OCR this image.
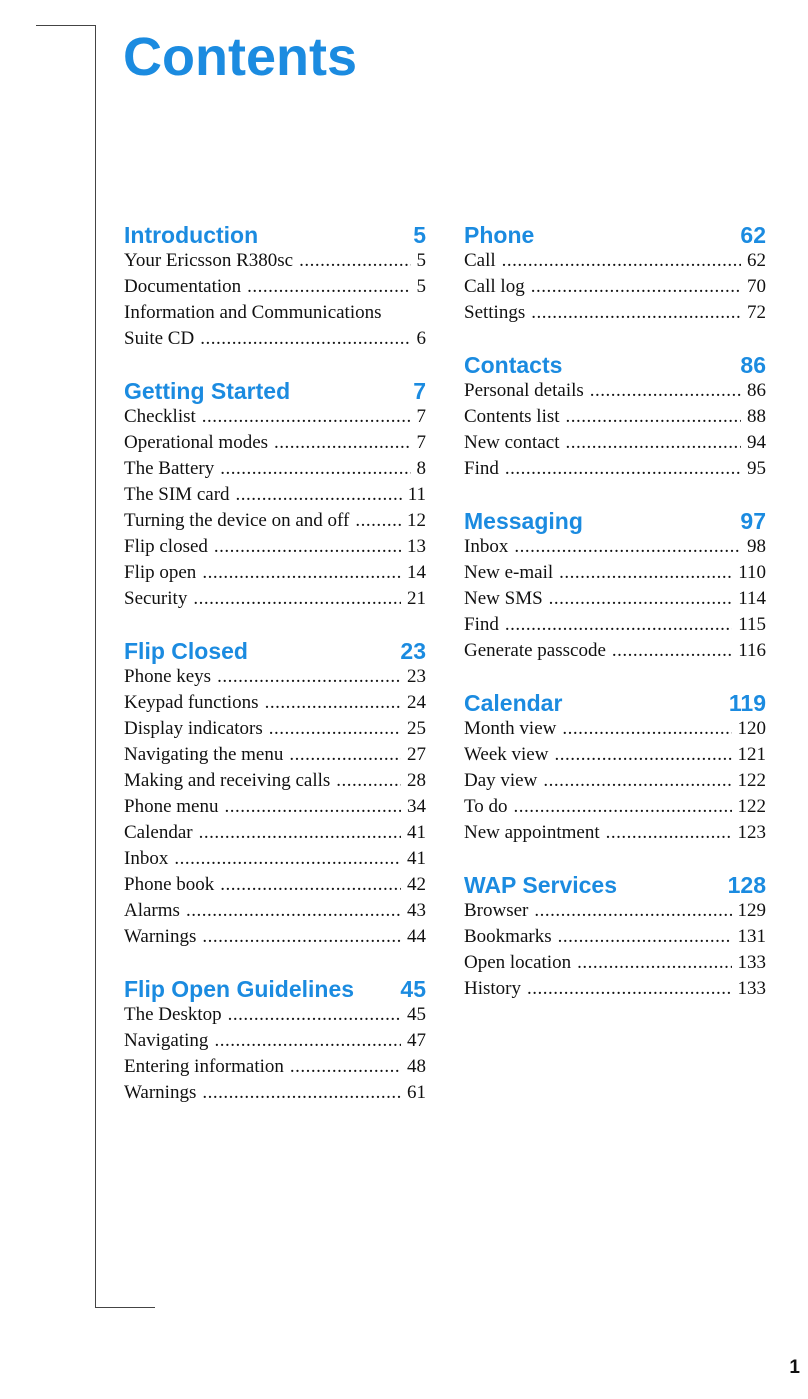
Contents
Introduction	5
Your Ericsson R380sc .....	5
Documentation .....	5
Information and Communications
Suite CD .....	6
Getting Started	7
Checklist .....	7
Operational modes .....	7
The Battery .....	8
The SIM card .....	11
Turning the device on and off .....	12
Flip closed .....	13
Flip open .....	14
Security .....	21
Flip Closed	23
Phone keys .....	23
Keypad functions .....	24
Display indicators .....	25
Navigating the menu .....	27
Making and receiving calls .....	28
Phone menu .....	34
Calendar .....	41
Inbox .....	41
Phone book .....	42
Alarms .....	43
Warnings .....	44
Flip Open Guidelines 45
The Desktop .....	45
Navigating .....	47
Entering information .....	48
Warnings .....	61
Phone	62
Call .....	62
Call log .....	70
Settings .....	72
Contacts	86
Personal details .....	86
Contents list .....	88
New contact .....	94
Find .....	95
Messaging	97
Inbox .....	98
New e-mail .....	110
New SMS .....	114
Find .....	115
Generate passcode .....	116
Calendar	119
Month view .....	120
Week view .....	121
Day view .....	122
To do .....	122
New appointment .....	123
WAP Services	128
Browser .....	129
Bookmarks .....	131
Open location .....	133
History .....	133
1
